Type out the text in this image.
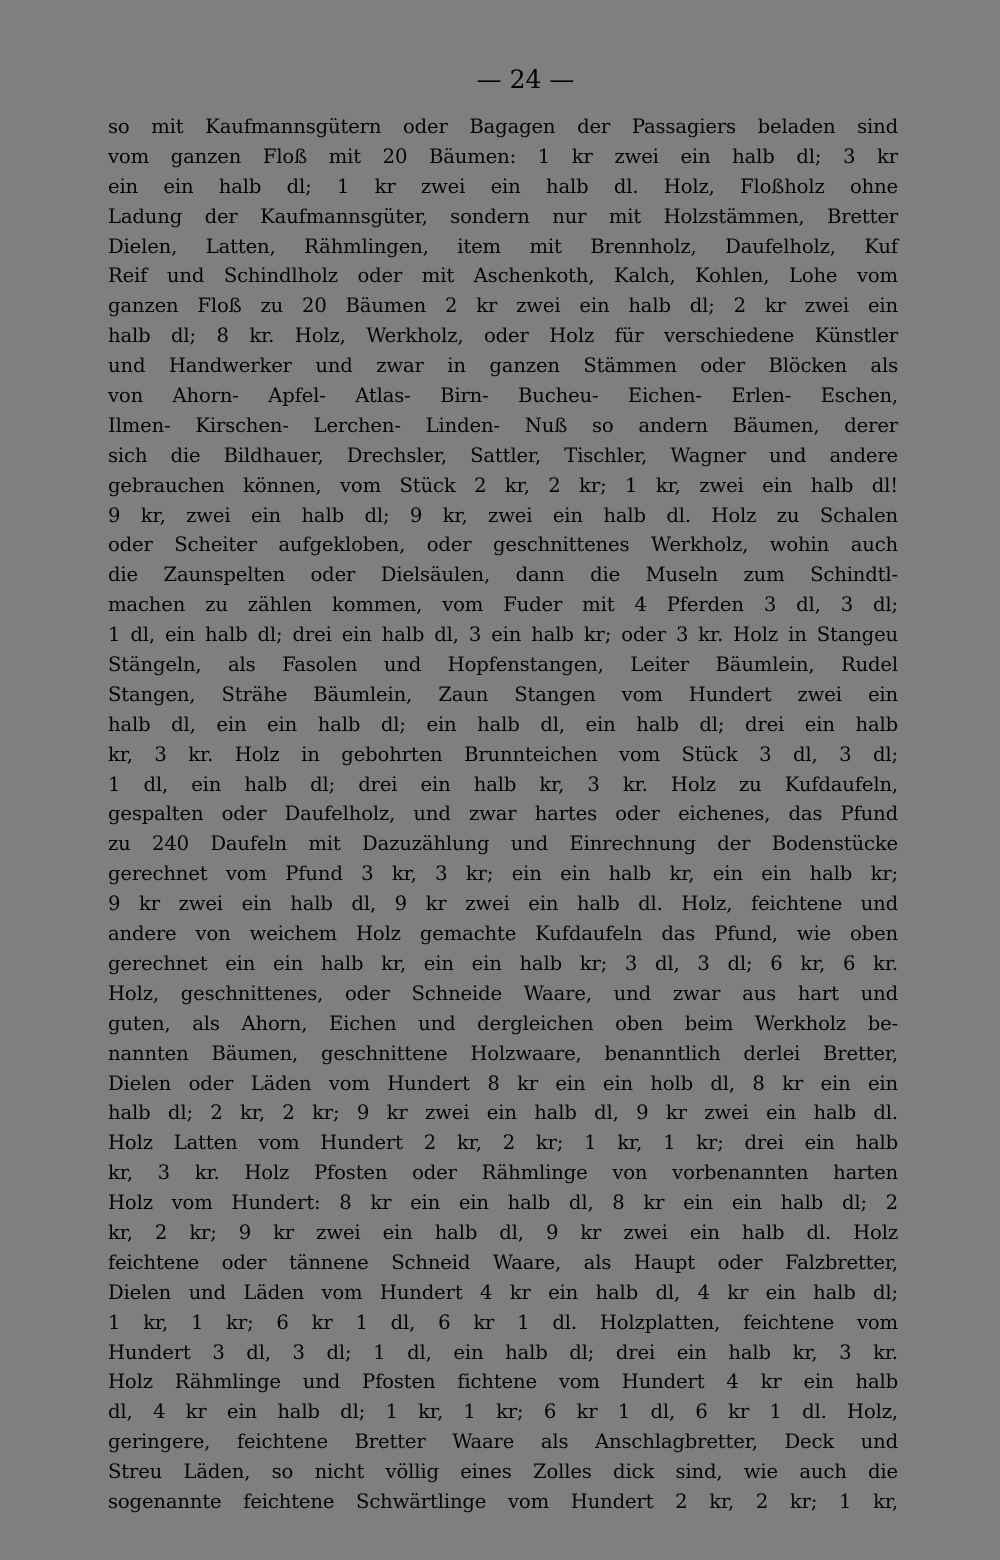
— 24 —
so mit Kaufmannsgütern oder Bagagen der Passagiers beladen sind
vom ganzen Floß mit 20 Bäumen: 1 kr zwei ein halb dl; 3 kr
ein ein halb dl; 1 kr zwei ein halb dl. Holz, Floßholz ohne
Ladung der Kaufmannsgüter, sondern nur mit Holzstämmen, Bretter
Dielen, Latten, Rähmlingen, item mit Brennholz, Daufelholz, Kuf
Reif und Schindlholz oder mit Aschenkoth, Kalch, Kohlen, Lohe vom
ganzen Floß zu 20 Bäumen 2 kr zwei ein halb dl; 2 kr zwei ein
halb dl; 8 kr. Holz, Werkholz, oder Holz für verschiedene Künstler
und Handwerker und zwar in ganzen Stämmen oder Blöcken als
von Ahorn- Apfel- Atlas- Birn- Bucheu- Eichen- Erlen- Eschen,
Ilmen- Kirschen- Lerchen- Linden- Nuß so andern Bäumen, derer
sich die Bildhauer, Drechsler, Sattler, Tischler, Wagner und andere
gebrauchen können, vom Stück 2 kr, 2 kr; 1 kr, zwei ein halb dl!
9 kr, zwei ein halb dl; 9 kr, zwei ein halb dl. Holz zu Schalen
oder Scheiter aufgekloben, oder geschnittenes Werkholz, wohin auch
die Zaunspelten oder Dielsäulen, dann die Museln zum Schindtl-
machen zu zählen kommen, vom Fuder mit 4 Pferden 3 dl, 3 dl;
1 dl, ein halb dl; drei ein halb dl, 3 ein halb kr; oder 3 kr. Holz in Stangeu
Stängeln, als Fasolen und Hopfenstangen, Leiter Bäumlein, Rudel
Stangen, Strähe Bäumlein, Zaun Stangen vom Hundert zwei ein
halb dl, ein ein halb dl; ein halb dl, ein halb dl; drei ein halb
kr, 3 kr. Holz in gebohrten Brunnteichen vom Stück 3 dl, 3 dl;
1 dl, ein halb dl; drei ein halb kr, 3 kr. Holz zu Kufdaufeln,
gespalten oder Daufelholz, und zwar hartes oder eichenes, das Pfund
zu 240 Daufeln mit Dazuzählung und Einrechnung der Bodenstücke
gerechnet vom Pfund 3 kr, 3 kr; ein ein halb kr, ein ein halb kr;
9 kr zwei ein halb dl, 9 kr zwei ein halb dl. Holz, feichtene und
andere von weichem Holz gemachte Kufdaufeln das Pfund, wie oben
gerechnet ein ein halb kr, ein ein halb kr; 3 dl, 3 dl; 6 kr, 6 kr.
Holz, geschnittenes, oder Schneide Waare, und zwar aus hart und
guten, als Ahorn, Eichen und dergleichen oben beim Werkholz be-
nannten Bäumen, geschnittene Holzwaare, benanntlich derlei Bretter,
Dielen oder Läden vom Hundert 8 kr ein ein holb dl, 8 kr ein ein
halb dl; 2 kr, 2 kr; 9 kr zwei ein halb dl, 9 kr zwei ein halb dl.
Holz Latten vom Hundert 2 kr, 2 kr; 1 kr, 1 kr; drei ein halb
kr, 3 kr. Holz Pfosten oder Rähmlinge von vorbenannten harten
Holz vom Hundert: 8 kr ein ein halb dl, 8 kr ein ein halb dl; 2
kr, 2 kr; 9 kr zwei ein halb dl, 9 kr zwei ein halb dl. Holz
feichtene oder tännene Schneid Waare, als Haupt oder Falzbretter,
Dielen und Läden vom Hundert 4 kr ein halb dl, 4 kr ein halb dl;
1 kr, 1 kr; 6 kr 1 dl, 6 kr 1 dl. Holzplatten, feichtene vom
Hundert 3 dl, 3 dl; 1 dl, ein halb dl; drei ein halb kr, 3 kr.
Holz Rähmlinge und Pfosten fichtene vom Hundert 4 kr ein halb
dl, 4 kr ein halb dl; 1 kr, 1 kr; 6 kr 1 dl, 6 kr 1 dl. Holz,
geringere, feichtene Bretter Waare als Anschlagbretter, Deck und
Streu Läden, so nicht völlig eines Zolles dick sind, wie auch die
sogenannte feichtene Schwärtlinge vom Hundert 2 kr, 2 kr; 1 kr,
